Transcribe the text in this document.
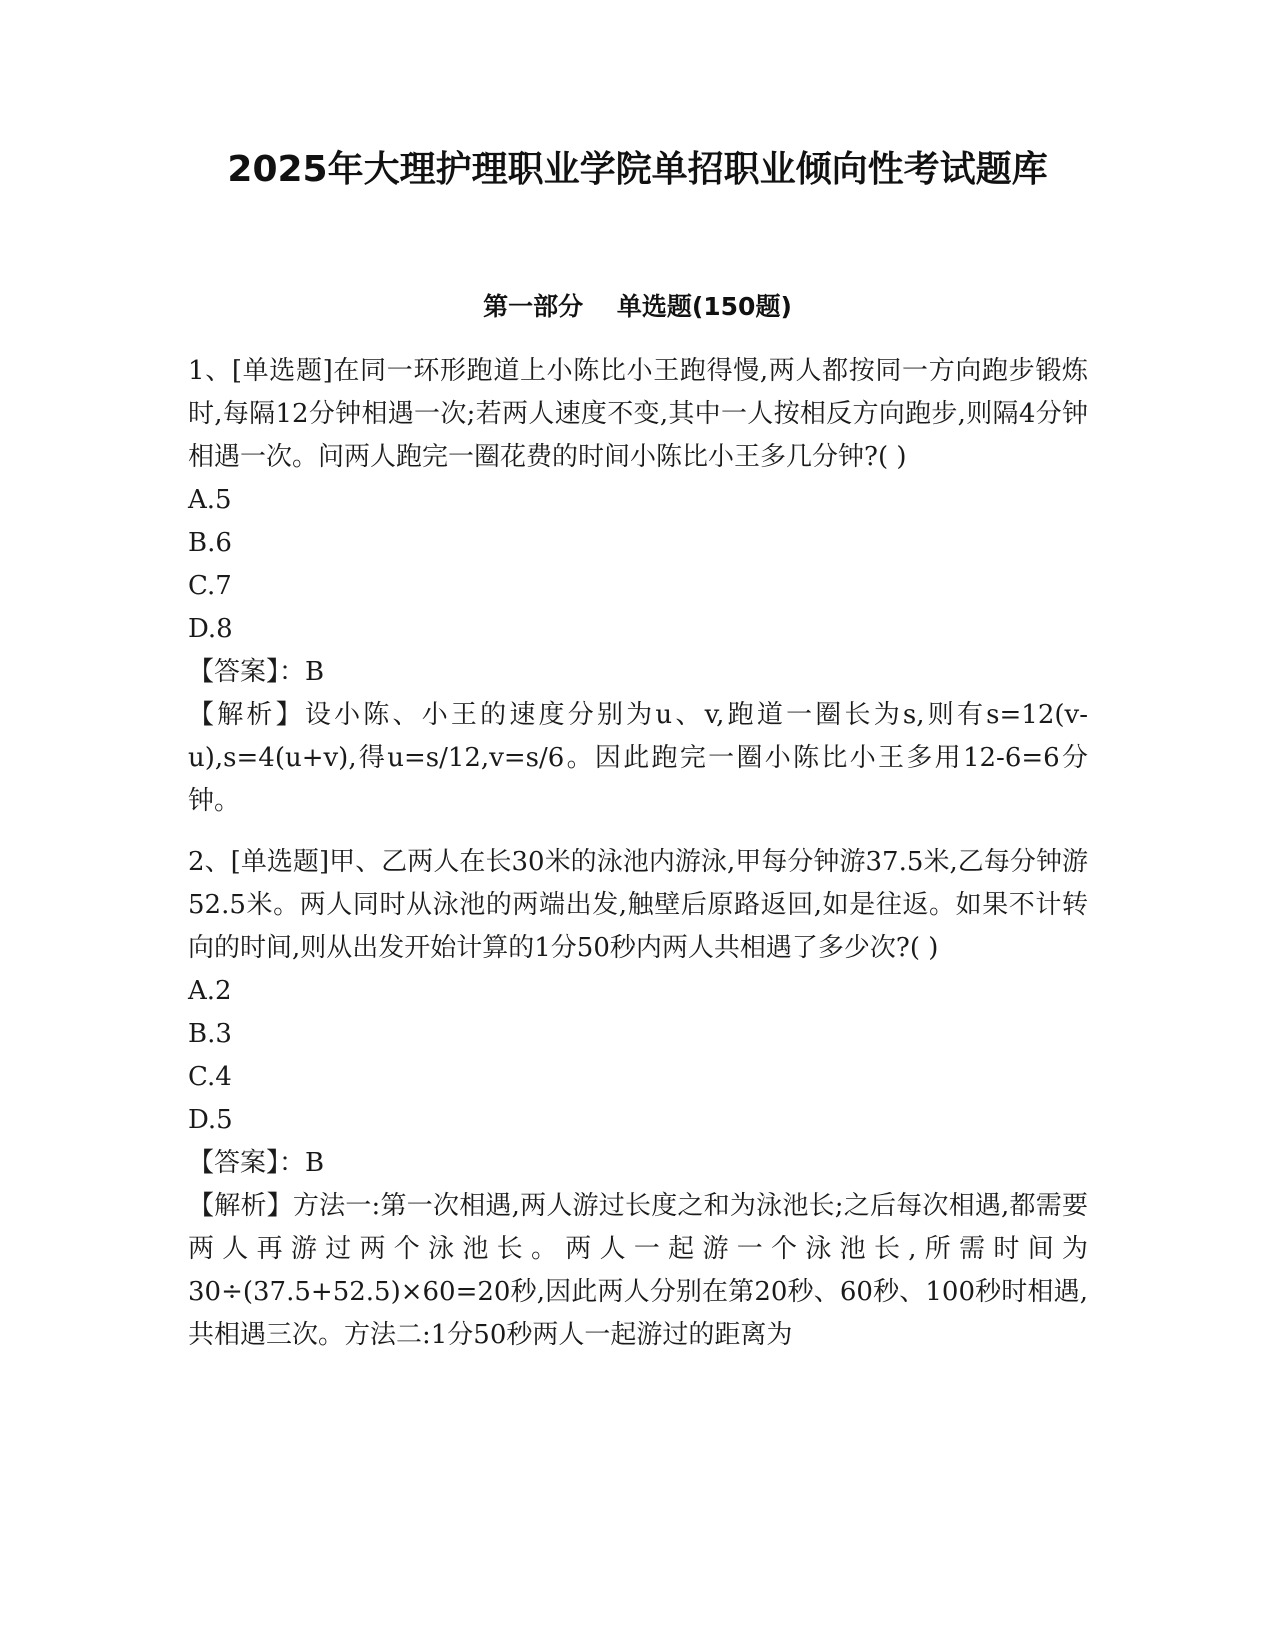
2025年大理护理职业学院单招职业倾向性考试题库
第一部分　 单选题(150题)

1、[单选题]在同一环形跑道上小陈比小王跑得慢,两人都按同一方向跑步锻炼时,每隔12分钟相遇一次;若两人速度不变,其中一人按相反方向跑步,则隔4分钟相遇一次。问两人跑完一圈花费的时间小陈比小王多几分钟?( )

A.5

B.6

C.7

D.8

【答案】：B

【解析】设小陈、小王的速度分别为u、v,跑道一圈长为s,则有s=12(v-u),s=4(u+v),得u=s/12,v=s/6。因此跑完一圈小陈比小王多用12-6=6分钟。

2、[单选题]甲、乙两人在长30米的泳池内游泳,甲每分钟游37.5米,乙每分钟游52.5米。两人同时从泳池的两端出发,触壁后原路返回,如是往返。如果不计转向的时间,则从出发开始计算的1分50秒内两人共相遇了多少次?( )

A.2

B.3

C.4

D.5

【答案】：B

【解析】方法一:第一次相遇,两人游过长度之和为泳池长;之后每次相遇,都需要两人再游过两个泳池长。两人一起游一个泳池长,所需时间为30÷(37.5+52.5)×60=20秒,因此两人分别在第20秒、60秒、100秒时相遇,共相遇三次。方法二:1分50秒两人一起游过的距离为
